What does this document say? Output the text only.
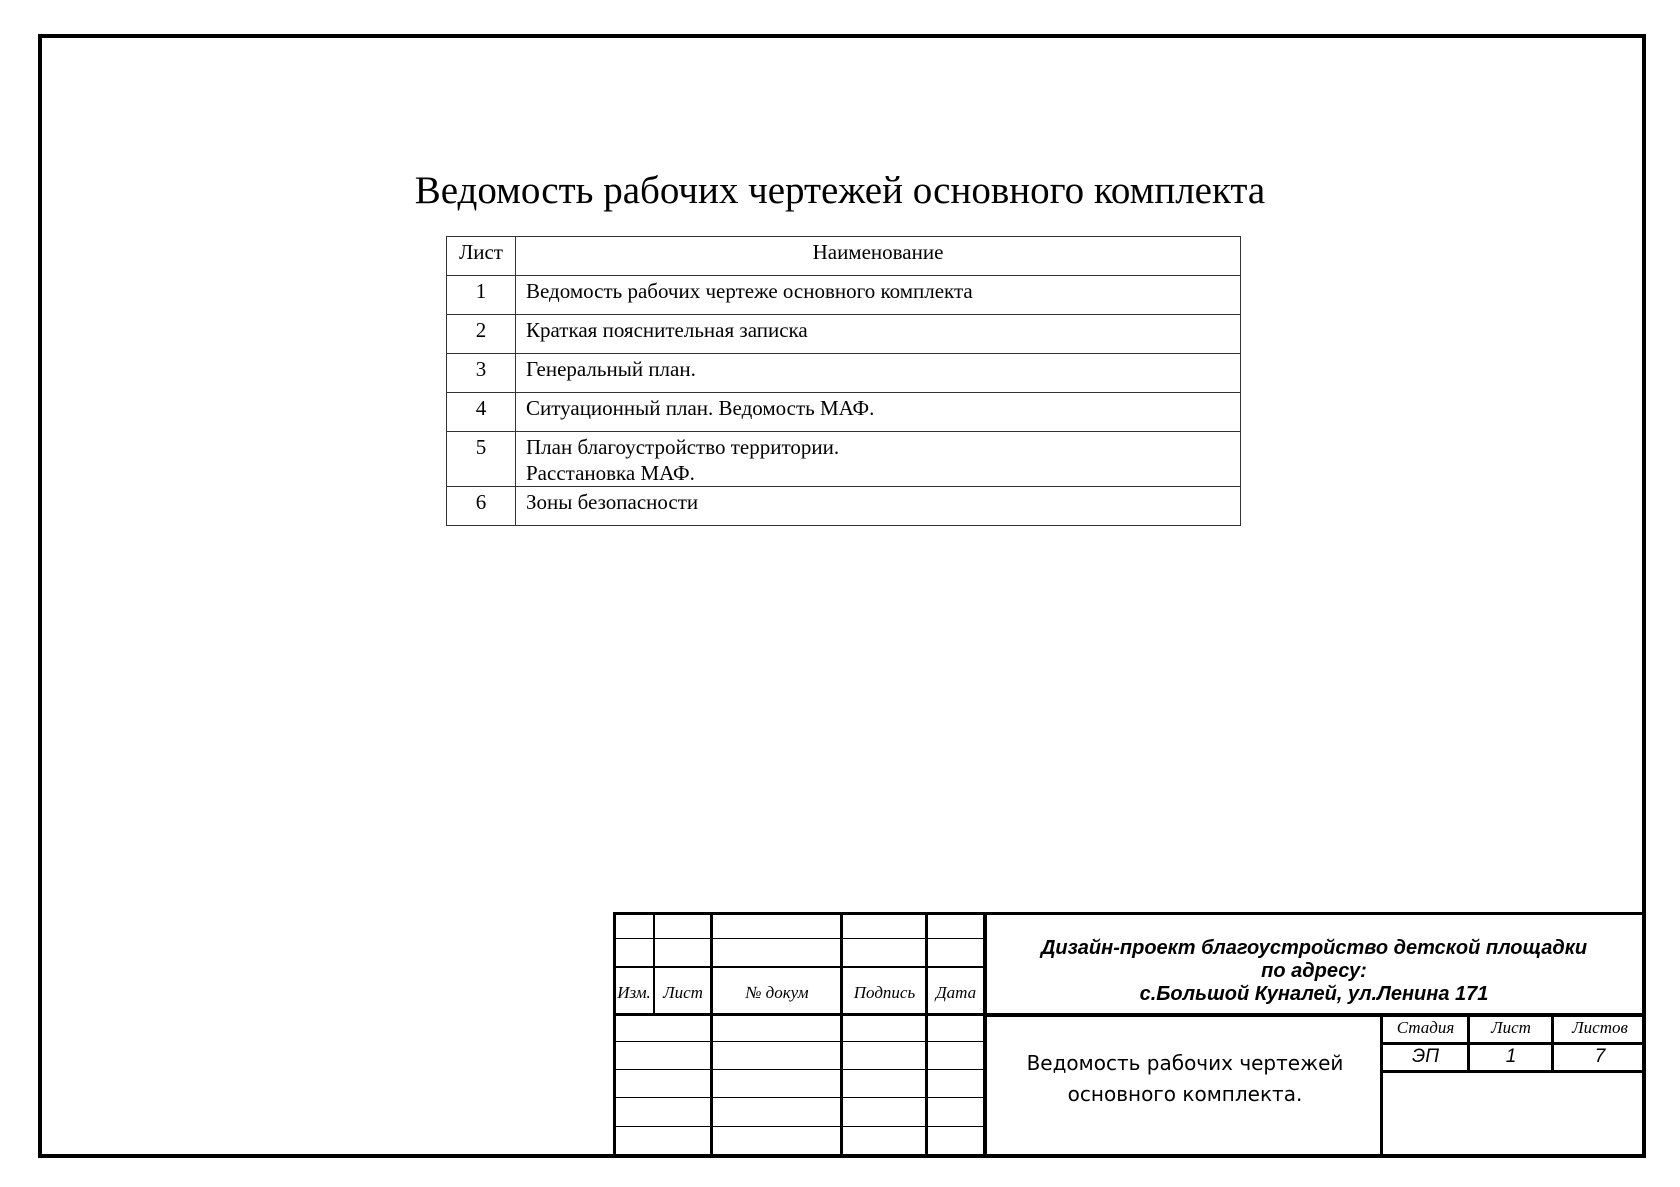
Ведомость рабочих чертежей основного комплекта
Лист	Наименование
1	Ведомость рабочих чертеже основного комплекта
2	Краткая пояснительная записка
3	Генеральный план.
4	Ситуационный план. Ведомость МАФ.
5	План благоустройство территории.
Расстановка МАФ.

6	Зоны безопасности
Изм. Лист	№ докум	Подпись	Дата
Дизайн-проект благоустройство детской площадки
по адресу:
с.Большой Куналей, ул.Ленина 171
Ведомость рабочих чертежей
основного комплекта.
Стадия	Лист	Листов
ЭП	1	7
